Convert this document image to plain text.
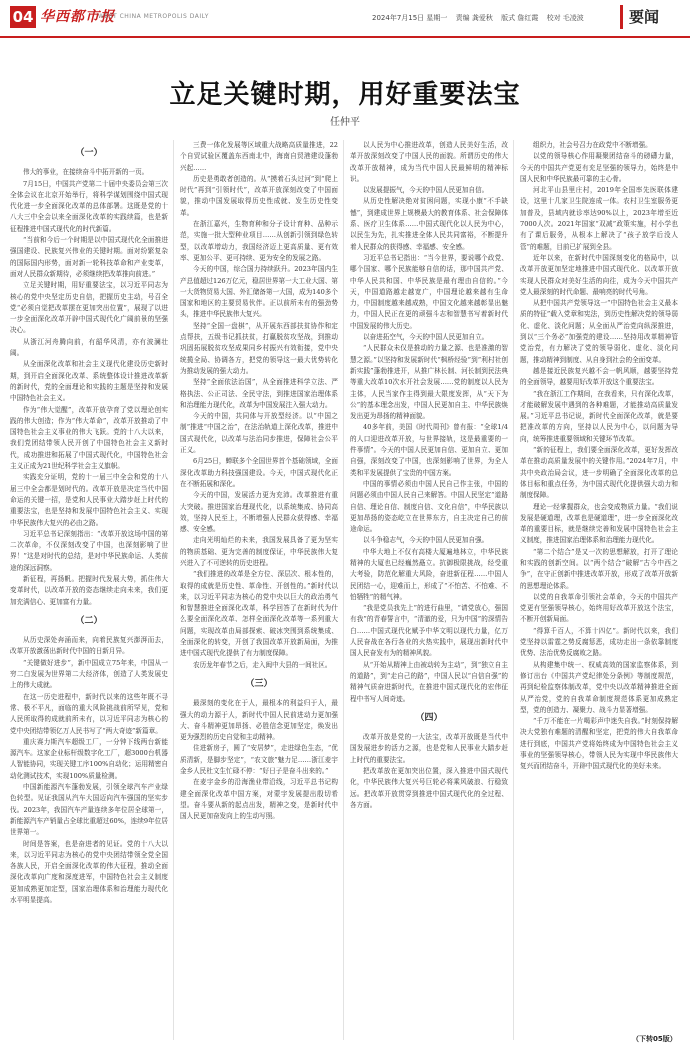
04 华西都市报
WEST CHINA METROPOLIS DAILY	2024年7月15日 星期一 责编 龚爱秋 版式 詹红霞 校对 毛凌波	要闻
立足关键时期，用好重要法宝
任仲平
（一）

伟大的事业，在接续奋斗中拓开新的一页。

7月15日，中国共产党第二十届中央委员会第三次全体会议在北京开始举行，将科学谋划围绕中国式现代化进一步全面深化改革的总体部署。这既是党的十八大三中全会以来全面深化改革的实践续篇，也是新征程推进中国式现代化的时代新篇。

“当前和今后一个时期是以中国式现代化全面推进强国建设、民族复兴伟业的关键时期。面对纷繁复杂的国际国内形势，面对新一轮科技革命和产业变革，面对人民群众新期待，必须继续把改革推向前进。”

立足关键时期，用好重要法宝，以习近平同志为核心的党中央坚定历史自信，把握历史主动，号召全党“必须自觉把改革摆在更加突出位置”，展现了以进一步全面深化改革开辟中国式现代化广阔前景的坚强决心。

从浙江河舟腾向前，有韶华风清，亦有波澜壮阔。

从全面深化改革和社会主义现代化建设历史新时期，到开启全面深化改革、系统整体设计推进改革新的新时代，党的全面理论和实践的主题是坚持和发展中国特色社会主义。

作为“伟大觉醒”，改革开放孕育了党以理论创实践的伟大创造；作为“伟大革命”，改革开放推动了中国特色社会主义事业的伟大飞跃。党的十八大以来，我们党团结带领人民开创了中国特色社会主义新时代，成功推进和拓展了中国式现代化，中国特色社会主义正成为21世纪科学社会主义旗帜。

实践充分证明，党的十一届三中全会和党的十八届三中全会都是划时代的。改革开放是决定当代中国命运的关键一招，是党和人民事业大踏步赶上时代的重要法宝，也是坚持和发展中国特色社会主义、实现中华民族伟大复兴的必由之路。

习近平总书记深刻指出：“改革开放这场中国的第二次革命，不仅深刻改变了中国，也深刻影响了世界！”这是对时代的总结，是对中华民族命运、人类前途的深远洞察。

新征程，再扬帆。把握时代发展大势，抓住伟大变革时代，以改革开放的姿态继续走向未来，我们更加充满信心、更加富有力量。

（二）

从历史深处奔涌而来，向着民族复兴澎湃而去，改革开放激荡出新时代中国的日新月异。

“关键做好进步”，新中国成立75年来，中国从一穷二白发展为世界第二大经济体，创造了人类发展史上的伟大成就。

在这一历史进程中，新时代以来的这些年既不寻常、极不平凡，面临的重大风险挑战前所罕见，党和人民所取得的成就前所未有，以习近平同志为核心的党中央团结带领亿万人民书写了“两大奇迹”新篇章。

重庆赛力斯汽车超级工厂，一分钟下线两台新能源汽车。这家企业标杆级数字化工厂，超3000台机器人智能协同，实现关键工序100%自动化；运用精密自动化测试技术，实现100%质量检测。

中国新能源汽车蓬勃发展，引领全球汽车产业绿色转型。见证我国从汽车大国迈向汽车强国的坚实步伐。2023年，我国汽车产量连续多年位居全球第一，新能源汽车产销量占全球比重超过60%，连续9年位居世界第一。

时间是答案，也是奋进者的见证。党的十八大以来，以习近平同志为核心的党中央团结带领全党全国各族人民，开启全面深化改革的伟大征程，推动全面深化改革向广度和深度进军，中国特色社会主义制度更加成熟更加定型，国家治理体系和治理能力现代化水平明显提高。

三费一体化发展等区域重大战略高质量推进，22个自贸试验区覆盖东西南北中，海南自贸港建设蓬勃兴起……

历史是勇敢者创造的。从“摸着石头过河”到“爬上时代”再到“引领时代”，改革开放深刻改变了中国面貌，推动中国发展取得历史性成就、发生历史性变革。

在浙江嘉兴，生物育种和分子设计育种、品种示范，实施一批大型种业项目……从创新引领到绿色转型，以改革增动力，我国经济迈上更高质量、更有效率、更加公平、更可持续、更为安全的发展之路。

今天的中国，综合国力持续跃升。2023年国内生产总值超过126万亿元，稳居世界第一大工业大国、第一大货物贸易大国、外汇储备第一大国，成为140多个国家和地区的主要贸易伙伴。正以前所未有的强劲势头，推进中华民族伟大复兴。

坚持“全国一盘棋”，从开展东西部扶贫协作和定点帮扶，五级书记抓扶贫，打赢脱贫攻坚战，到推动巩固拓展脱贫攻坚成果同乡村振兴有效衔接，党中央统揽全局、协调各方，把党的领导这一最大优势转化为推动发展的强大动力。

坚持“全面依法治国”，从全面推进科学立法、严格执法、公正司法、全民守法，到推进国家治理体系和治理能力现代化，改革为中国发展注入强大动力。

今天的中国，共同体与开放型经济。以“中国之制”推进“中国之治”，在法治轨道上深化改革，推进中国式现代化，以改革与法治同步推进，保障社会公平正义。

6月25日，蝉联多个全国世界首个基础领域，全面深化改革助力科技强国建设。今天，中国式现代化正在不断拓展和深化。

今天的中国，发展活力更为充沛。改革推进有重大突破。推进国家治理现代化，以系统集成、协同高效，坚持人民至上，不断增强人民群众获得感、幸福感、安全感。

走向光明灿烂的未来，我国发展具备了更为坚实的物质基础、更为完善的制度保证，中华民族伟大复兴进入了不可逆转的历史进程。

“我们推进的改革是全方位、深层次、根本性的，取得的成就是历史性、革命性、开创性的。”新时代以来，以习近平同志为核心的党中央以巨大的政治勇气和智慧推进全面深化改革，科学回答了在新时代为什么要全面深化改革、怎样全面深化改革等一系列重大问题，实现改革由局部探索、破冰突围到系统集成、全面深化的转变，开创了我国改革开放新局面，为推进中国式现代化提供了有力制度保障。

农历龙年春节之后，走入闽中大县的一间社区。

（三）

最深刻的变化在于人，最根本的利益归于人，最强大的动力源于人，新时代中国人民前进动力更加强大、奋斗精神更加昂扬、必胜信念更加坚定，焕发出更为强烈的历史自觉和主动精神。

住进新房子，圆了“安居梦”，走进绿色生态，“优质清新，是脚步坚定”，“农文旅”魅力足……浙江麦宇金乡人民杜文生忙碌不停：“好日子是奋斗出来的。”

在麦宇金乡的沿海渔业带沿线，习近平总书记构建全面深化改革中国方案，对蒙宇发展提出殷切希望。奋斗要从新的起点出发，精神之变，是新时代中国人民更加奋发向上的生动写照。

以人民为中心推进改革，创造人民美好生活，改革开放深刻改变了中国人民的面貌。所谓历史的伟大改革开放精神，成为当代中国人民最鲜明的精神标识。

以发展提振气，今天的中国人民更加自信。

从历史性解决绝对贫困问题，实现小康“不手缺憾”，到建成世界上规模最大的教育体系、社会保障体系、医疗卫生体系……中国式现代化以人民为中心，以民生为先，扎实推进全体人民共同富裕，不断提升着人民群众的获得感、幸福感、安全感。

习近平总书记指出：“当今世界，要说哪个政党、哪个国家、哪个民族能够自信的话，那中国共产党、中华人民共和国、中华民族是最有理由自信的。”今天，中国道路越走越宽广，中国理论越来越有生命力，中国制度越来越成熟，中国文化越来越彰显出魅力，中国人民正在更的顽强斗志和智慧书写着新时代中国发展的伟大历史。

以奋进拓空气，今天的中国人民更加自立。

“人民群众未仅是推动的力量之源、也是准激的智慧之源。”以坚持和发展新时代“枫桥经验”到“利村社创新实践”蓬勃推进开，从推广林长制、河长制到民法典等重大改革10次水开社会发展……党的制度以人民为主体，人民当家作主得到最大限度发挥，从“天下为公”的基本理念出发，中国人民更加自主、中华民族焕发出更为昂扬的精神面貌。

40多年前，美国《时代周刊》曾有报：“全球1/4的人口迎进改革开放，与世界接轨，这是最重要的一件事情”。今天的中国人民更加自信、更加自立、更加自强，深刻改变了中国，也深刻影响了世界，为全人类和平发展提供了宝贵的中国方案。

中国的事情必须由中国人民自己作主张，中国的问题必须由中国人民自己来解答。中国人民坚定“道路自信、理论自信、制度自信、文化自信”，中华民族以更加昂扬的姿态屹立在世界东方，自主决定自己的前途命运。

以斗争稳志气，今天的中国人民更加自强。

中华大地上不仅有高楼大厦遍地林立，中华民族精神的大厦也已经巍然矗立。抗御极限挑战，经受重大考验，防范化解重大风险，奋进新征程……中国人民团结一心，迎难而上，形成了“不怕苦、不怕难、不怕牺牲”的精气神。

“我是党员我先上”的进行曲里，“请党放心，强国有我”的青春誓言中，“清澈的爱，只为中国”的深情告白……中国式现代化赋予中华文明以现代力量，亿万人民奋战在各行各业的火热实践中，展现出新时代中国人民奋发有为的精神风貌。

从“开始从精神上由被动转为主动”，到“独立自主的道路”，到“走自己的路”，中国人民以“自信自强”的精神气质奋进新时代，在推进中国式现代化的宏伟征程中书写人间奇迹。

（四）

改革开放是党的一大法宝，改革开放既是当代中国发展进步的活力之源，也是党和人民事业大踏步赶上时代的重要法宝。

把改革放在更加突出位置，深入推进中国式现代化，中华民族伟大复兴号巨轮必将乘风破浪、行稳致远。把改革开放贯穿到推进中国式现代化的全过程、各方面。

组织力，社会号召力在政党中不断增强。

以党的领导核心作用凝聚团结奋斗的磅礴力量，今天的中国共产党更有充足坚强的领导力，始终是中国人民和中华民族最可靠的主心骨。

河北平山县里庄村，2019年全国率先医联体建设，这里十几家卫生院连成一体。农村卫生室服务更加普及，县域内就诊率达90%以上，2023年增至近7000人次。2021年国家“双减”政策实施，村小学也有了课后服务，从根本上解决了“孩子放学后没人管”的难题，目前已扩展到全县。

近年以来，在新时代中国深刻变化的格局中，以改革开放更加坚定地推进中国式现代化、以改革开放实现人民群众对美好生活的向往，成为今天中国共产党人最深刻的时代命题、最响亮的时代号角。

从把中国共产党领导这一“中国特色社会主义最本质的特征”载入党章和宪法，到历史性解决党的领导弱化、虚化、淡化问题；从全面从严治党向纵深推进，到以“三个务必”加强党的建设……坚持用改革精神管党治党，有力解决了党的领导弱化、虚化、淡化问题，推动精神到制度、从自身到社会的全面变革。

越是接近民族复兴越不会一帆风顺，越要坚持党的全面领导，越要用好改革开放这个重要法宝。

“我在浙江工作期间，在我看来，只有深化改革，才能破解发展中遇到的各种难题，才能推动高质量发展。”习近平总书记说，新时代全面深化改革，就是要把准改革的方向，坚持以人民为中心，以问题为导向，统筹推进重要领域和关键环节改革。

“新的征程上，我们要全面深化改革，更好发挥改革在推动高质量发展中的关键作用。”2024年7月，中共中央政治局会议，进一步明确了全面深化改革的总体目标和重点任务，为中国式现代化提供强大动力和制度保障。

理论一经掌握群众，也会变成物质力量。“我们说发展是硬道理，改革也是硬道理”，进一步全面深化改革的重要目标，就是继续完善和发展中国特色社会主义制度，推进国家治理体系和治理能力现代化。

“第二个结合”是又一次的思想解放，打开了理论和实践的创新空间。以“两个结合”破解“古今中西之争”，在守正创新中推进改革开放，形成了改革开放新的思想理论体系。

以党的自我革命引领社会革命，今天的中国共产党更有坚强领导核心，始终用好改革开放这个法宝，不断开创新局面。

“得算千百人，不算十四亿”。新时代以来，我们党坚持以雷霆之势反腐惩恶，成功走出一条依靠制度优势、法治优势反腐败之路。

从构建集中统一、权威高效的国家监察体系，到修订出台《中国共产党纪律处分条例》等制度规范，再到纪检监察体制改革，党中央以改革精神推进全面从严治党，党的自我革命制度规范体系更加成熟定型，党的创造力、凝聚力、战斗力显著增强。

“千万不能在一片喝彩声中迷失自我。”时刻保持解决大党独有难题的清醒和坚定，把党的伟大自我革命进行到底，中国共产党将始终成为中国特色社会主义事业的坚强领导核心，带领人民为实现中华民族伟大复兴而团结奋斗，开辟中国式现代化的美好未来。

（下转05版）
